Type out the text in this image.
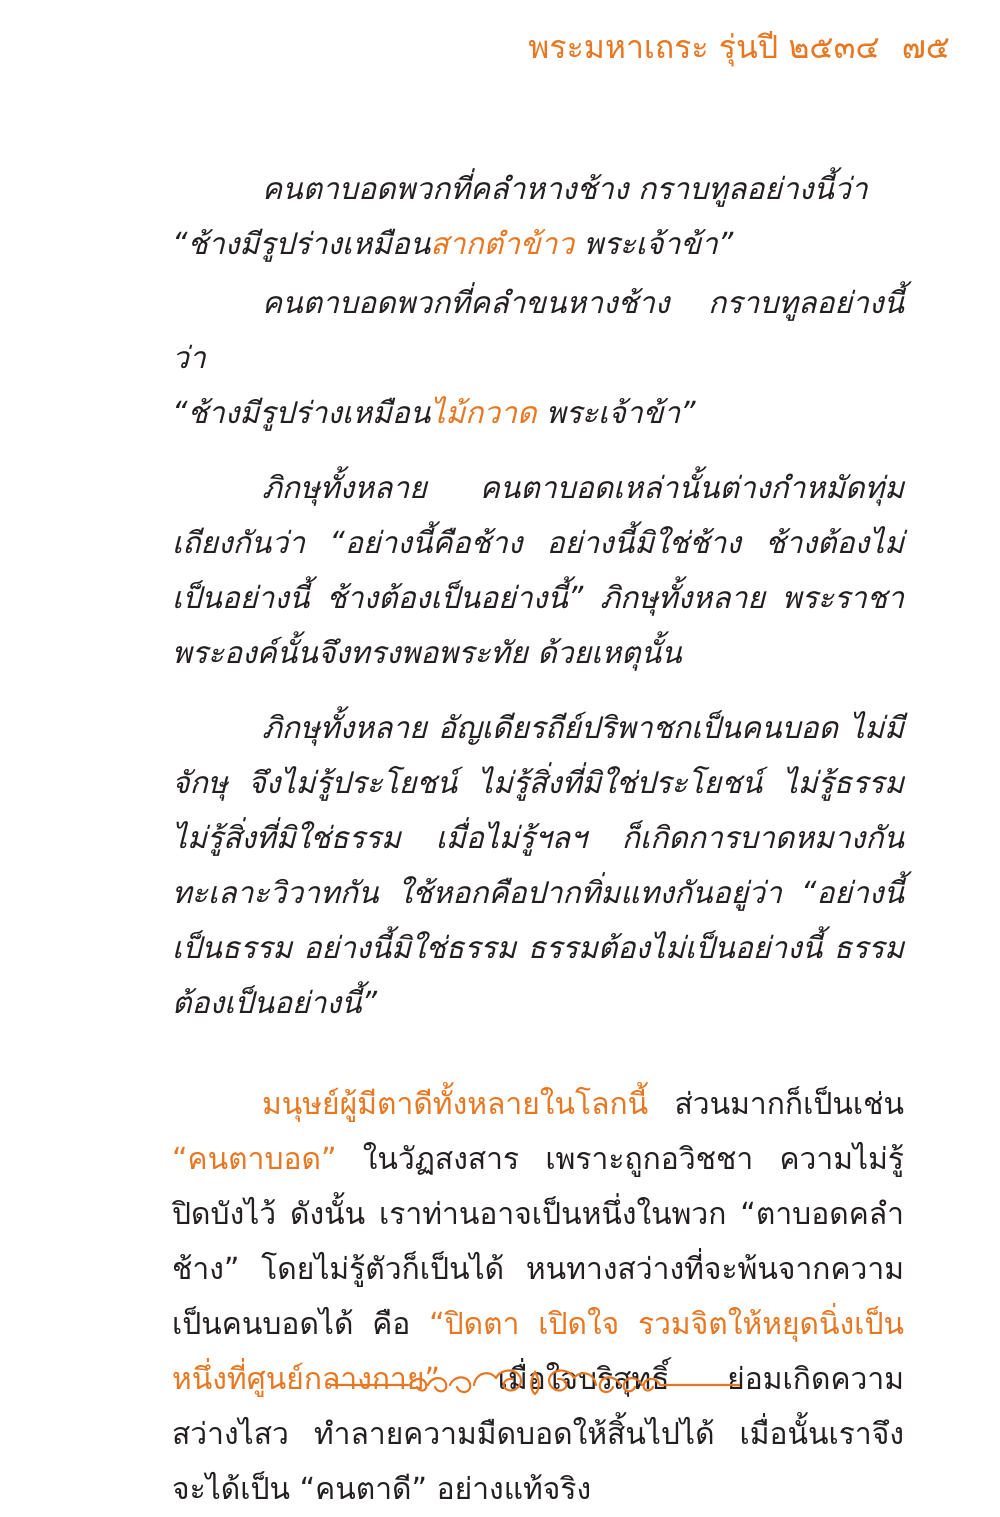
พระมหาเถระ รุ่นปี ๒๕๓๔ ๗๕

คนตาบอดพวกที่คลำหางช้าง กราบทูลอย่างนี้ว่า

“ช้างมีรูปร่างเหมือนสากตำข้าว พระเจ้าข้า”

คนตาบอดพวกที่คลำขนหางช้าง กราบทูลอย่างนี้ว่า

“ช้างมีรูปร่างเหมือนไม้กวาด พระเจ้าข้า”

ภิกษุทั้งหลาย คนตาบอดเหล่านั้นต่างกำหมัดทุ่มเถียงกันว่า “อย่างนี้คือช้าง อย่างนี้มิใช่ช้าง ช้างต้องไม่เป็นอย่างนี้ ช้างต้องเป็นอย่างนี้” ภิกษุทั้งหลาย พระราชาพระองค์นั้นจึงทรงพอพระทัย ด้วยเหตุนั้น

ภิกษุทั้งหลาย อัญเดียรถีย์ปริพาชกเป็นคนบอด ไม่มีจักษุ จึงไม่รู้ประโยชน์ ไม่รู้สิ่งที่มิใช่ประโยชน์ ไม่รู้ธรรม ไม่รู้สิ่งที่มิใช่ธรรม เมื่อไม่รู้ฯลฯ ก็เกิดการบาดหมางกัน ทะเลาะวิวาทกัน ใช้หอกคือปากทิ่มแทงกันอยู่ว่า “อย่างนี้เป็นธรรม อย่างนี้มิใช่ธรรม ธรรมต้องไม่เป็นอย่างนี้ ธรรมต้องเป็นอย่างนี้”

มนุษย์ผู้มีตาดีทั้งหลายในโลกนี้ ส่วนมากก็เป็นเช่น “คนตาบอด” ในวัฏสงสาร เพราะถูกอวิชชา ความไม่รู้ ปิดบังไว้ ดังนั้น เราท่านอาจเป็นหนึ่งในพวก “ตาบอดคลำช้าง” โดยไม่รู้ตัวก็เป็นได้ หนทางสว่างที่จะพ้นจากความเป็นคนบอดได้ คือ “ปิดตา เปิดใจ รวมจิตให้หยุดนิ่งเป็นหนึ่งที่ศูนย์กลางกาย” เมื่อใจบริสุทธิ์ ย่อมเกิดความสว่างไสว ทำลายความมืดบอดให้สิ้นไปได้ เมื่อนั้นเราจึงจะได้เป็น “คนตาดี” อย่างแท้จริง
